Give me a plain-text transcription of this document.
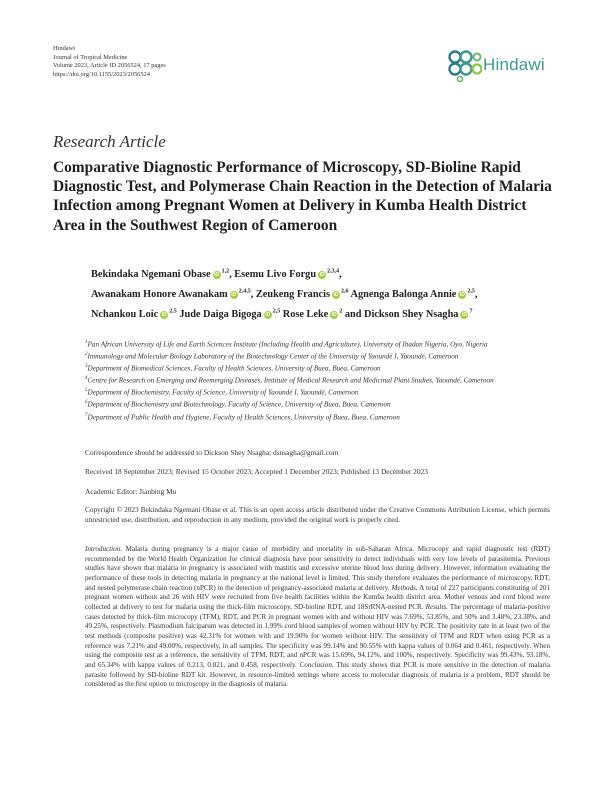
Hindawi
Journal of Tropical Medicine
Volume 2023, Article ID 2056524, 17 pages
https://doi.org/10.1155/2023/2056524
Hindawi
Research Article
Comparative Diagnostic Performance of Microscopy, SD-Bioline Rapid Diagnostic Test, and Polymerase Chain Reaction in the Detection of Malaria Infection among Pregnant Women at Delivery in Kumba Health District Area in the Southwest Region of Cameroon
Bekindaka Ngemani Obase iD$^{1,2}$, Esemu Livo Forgu iD$^{2,3,4}$,
Awanakam Honore Awanakam iD$^{2,4,5}$, Zeukeng Francis iD$^{2,6}$ Agnenga Balonga Annie iD$^{2,5}$,
Nchankou Loic iD$^{2,5}$ Jude Daiga Bigoga iD$^{2,5}$ Rose Leke $iD^2$ and Dickson Shey Nsagha $iD^7$

$^1$Pan African University of Life and Earth Sciences Institute (Including Health and Agriculture), University of Ibadan Nigeria, Oyo, Nigeria

$^2$Immunology and Molecular Biology Laboratory of the Biotechnology Center of the University of Yaoundé I, Yaoundé, Cameroon

$^3$Department of Biomedical Sciences, Faculty of Health Sciences, University of Buea, Buea, Cameroon

$^4$Centre for Research on Emerging and Reemerging Diseases, Institute of Medical Research and Medicinal Plant Studies, Yaoundé, Cameroon

$^5$Department of Biochemistry, Faculty of Science, University of Yaoundé I, Yaoundé, Cameroon

$^6$Department of Biochemistry and Biotechnology, Faculty of Science, University of Buea, Buea, Cameroon

$^7$Department of Public Health and Hygiene, Faculty of Health Sciences, University of Buea, Buea, Cameroon

Correspondence should be addressed to Dickson Shey Nsagha; dsnsagha@gmail.com
Received 18 September 2023; Revised 15 October 2023; Accepted 1 December 2023; Published 13 December 2023
Academic Editor: Jianbing Mu
Copyright © 2023 Bekindaka Ngemani Obase et al. This is an open access article distributed under the Creative Commons Attribution License, which permits unrestricted use, distribution, and reproduction in any medium, provided the original work is properly cited.
Introduction. Malaria during pregnancy is a major cause of morbidity and mortality in sub-Saharan Africa. Microcopy and rapid diagnostic test (RDT) recommended by the World Health Organization for clinical diagnosis have poor sensitivity to detect individuals with very low levels of parasitemia. Previous studies have shown that malaria in pregnancy is associated with mastitis and excessive uterine blood loss during delivery. However, information evaluating the performance of these tools in detecting malaria in pregnancy at the national level is limited. This study therefore evaluates the performance of microscopy, RDT, and nested polymerase chain reaction (nPCR) in the detection of pregnancy-associated malaria at delivery. Methods. A total of 227 participants constituting of 201 pregnant women without and 26 with HIV were recruited from five health facilities within the Kumba health district area. Mother venous and cord blood were collected at delivery to test for malaria using the thick-film microscopy, SD-bioline RDT, and 18SrRNA-nested PCR. Results. The percentage of malaria-positive cases detected by thick-film microcopy (TFM), RDT, and PCR in pregnant women with and without HIV was 7.69%, 53.85%, and 50% and 3.48%, 23.38%, and 49.25%, respectively. Plasmodium falciparum was detected in 1.99% cord blood samples of women without HIV by PCR. The positivity rate in at least two of the test methods (composite positive) was 42.31% for women with and 19.90% for women without HIV. The sensitivity of TFM and RDT when using PCR as a reference was 7.21% and 49.00%, respectively, in all samples. The specificity was 99.14% and 90.55% with kappa values of 0.064 and 0.461, respectively. When using the composite test as a reference, the sensitivity of TFM, RDT, and nPCR was 15.69%, 94.12%, and 100%, respectively. Specificity was 99.43%, 93.18%, and 65.34% with kappa values of 0.213, 0.821, and 0.458, respectively. Conclusion. This study shows that PCR is more sensitive in the detection of malaria parasite followed by SD-bioline RDT kit. However, in resource-limited settings where access to molecular diagnosis of malaria is a problem, RDT should be considered as the first option to microscopy in the diagnosis of malaria.
